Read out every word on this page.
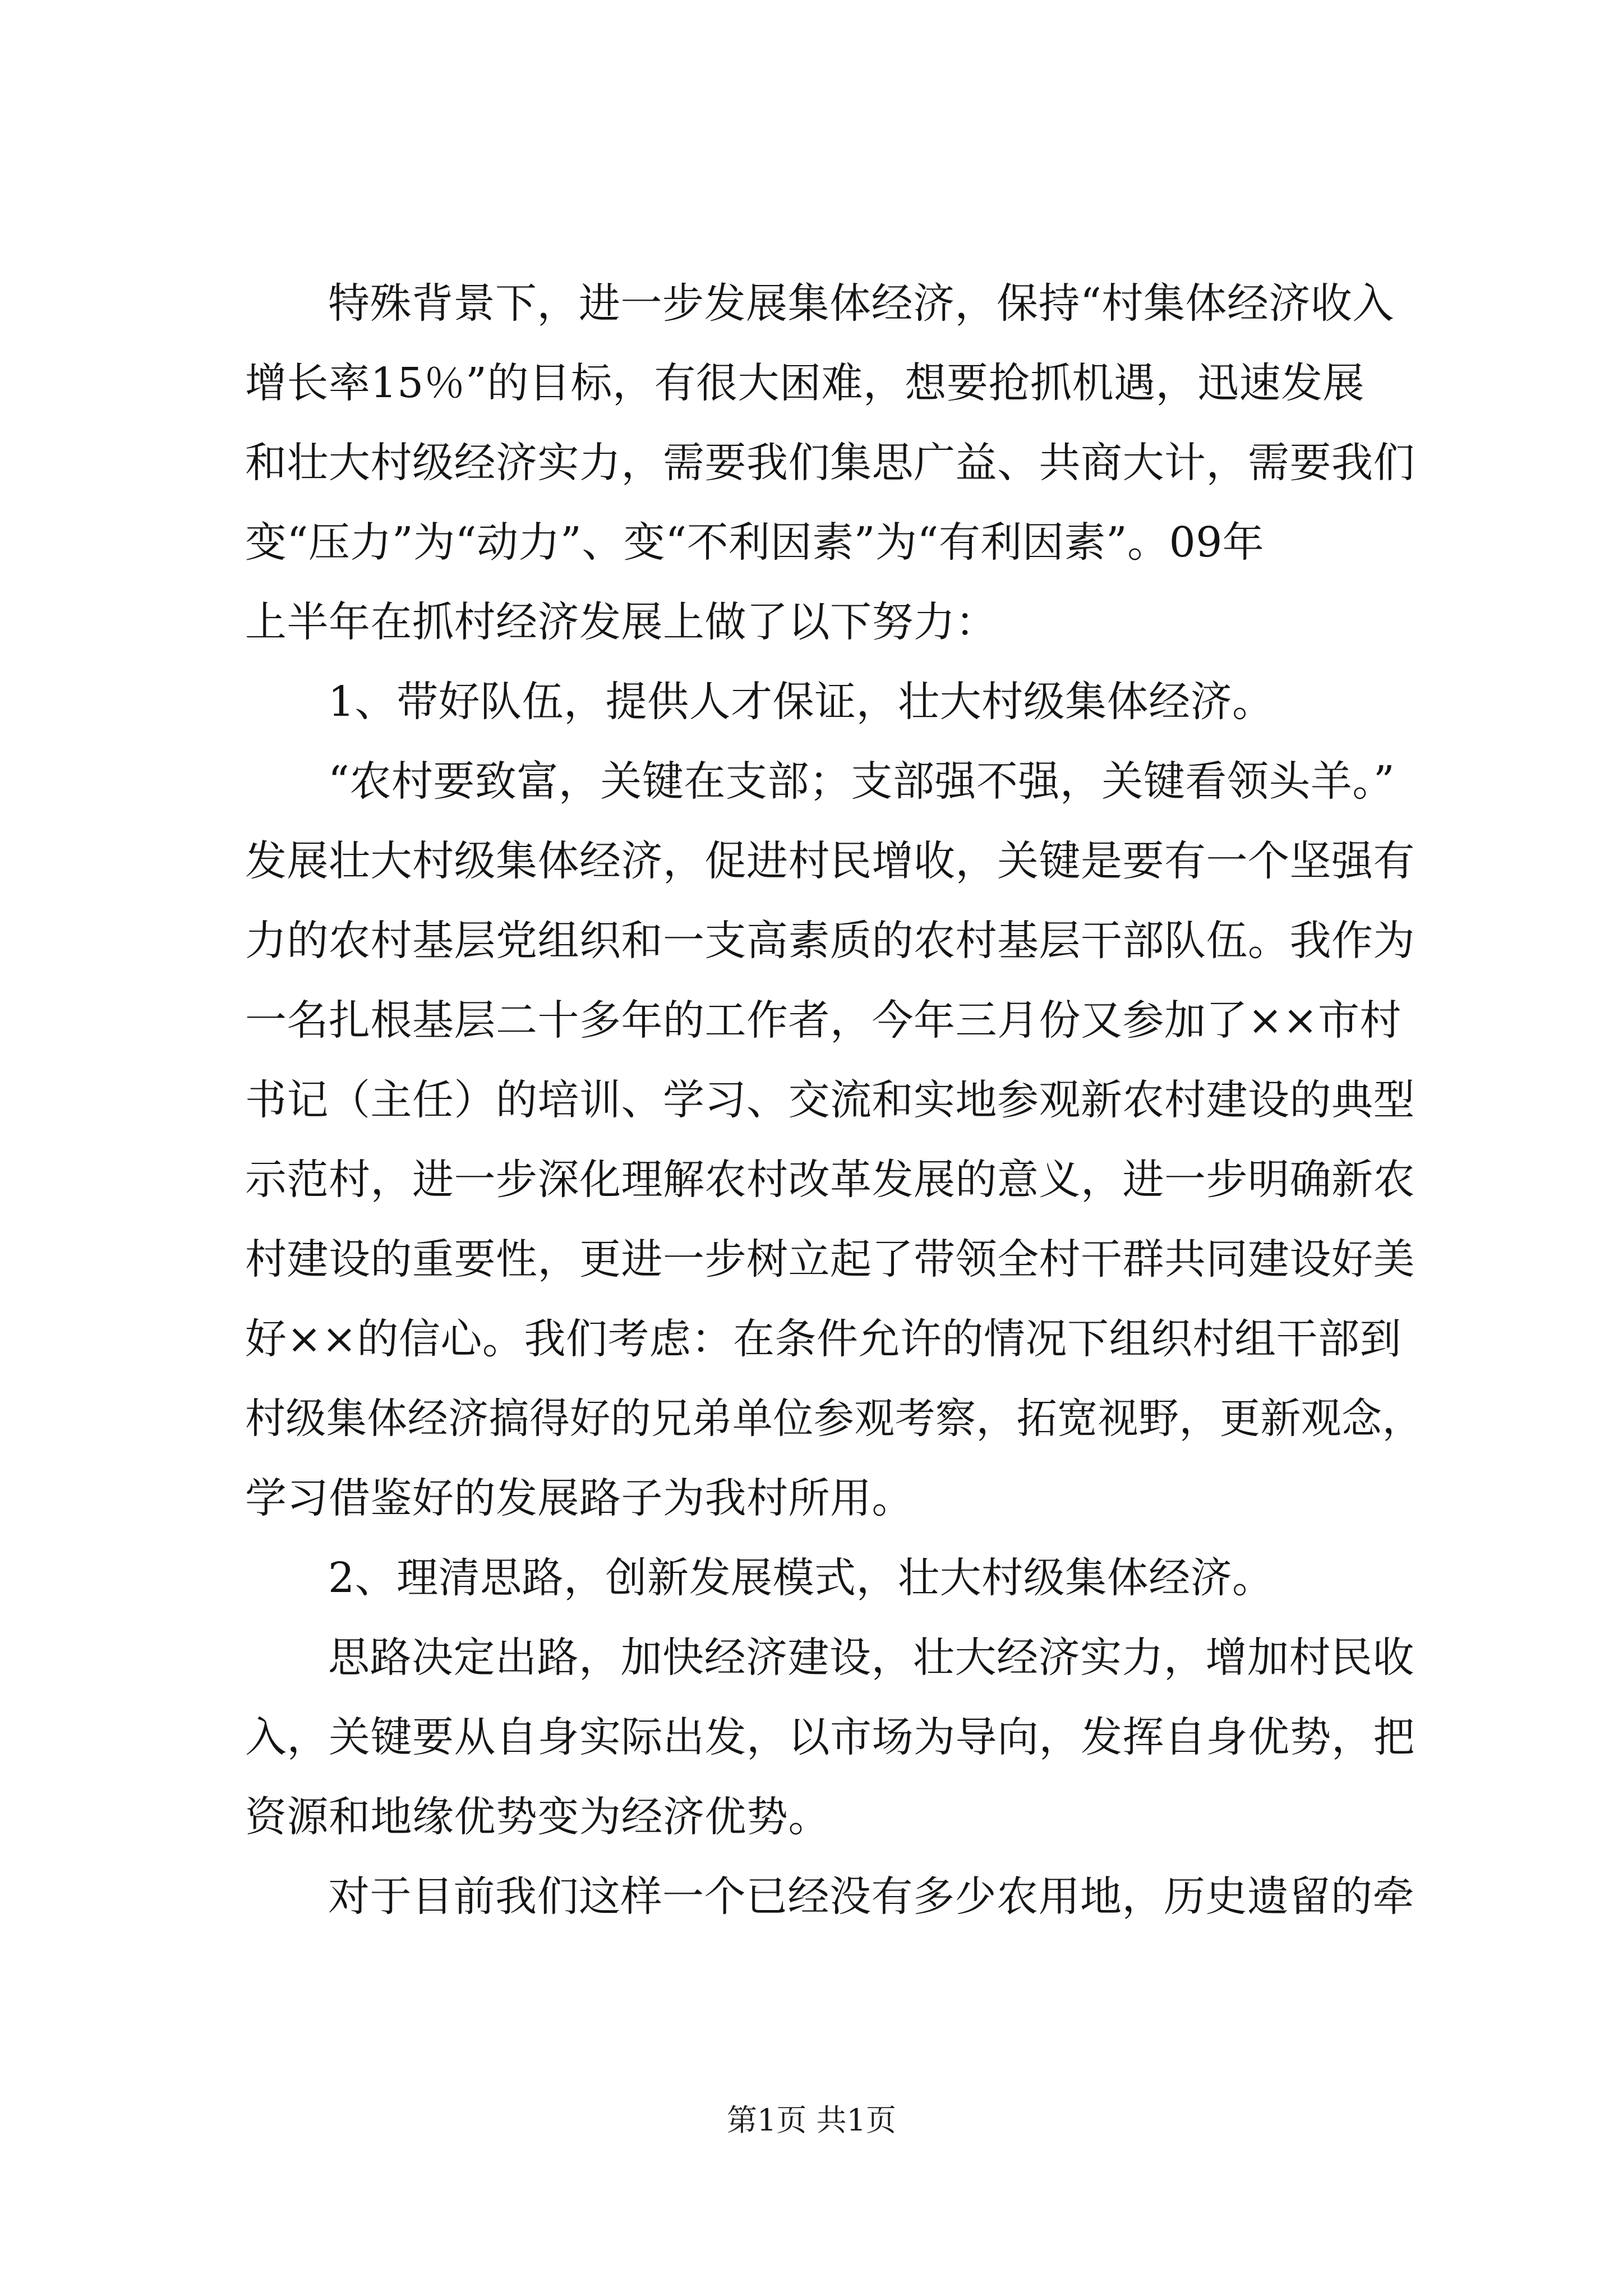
特殊背景下，进一步发展集体经济，保持“村集体经济收入
增长率15％”的目标，有很大困难，想要抢抓机遇，迅速发展
和壮大村级经济实力，需要我们集思广益、共商大计，需要我们
变“压力”为“动力”、变“不利因素”为“有利因素”。09年
上半年在抓村经济发展上做了以下努力：
1、带好队伍，提供人才保证，壮大村级集体经济。
“农村要致富，关键在支部；支部强不强，关键看领头羊。”
发展壮大村级集体经济，促进村民增收，关键是要有一个坚强有
力的农村基层党组织和一支高素质的农村基层干部队伍。我作为
一名扎根基层二十多年的工作者，今年三月份又参加了××市村
书记（主任）的培训、学习、交流和实地参观新农村建设的典型
示范村，进一步深化理解农村改革发展的意义，进一步明确新农
村建设的重要性，更进一步树立起了带领全村干群共同建设好美
好××的信心。我们考虑：在条件允许的情况下组织村组干部到
村级集体经济搞得好的兄弟单位参观考察，拓宽视野，更新观念，
学习借鉴好的发展路子为我村所用。
2、理清思路，创新发展模式，壮大村级集体经济。
思路决定出路，加快经济建设，壮大经济实力，增加村民收
入，关键要从自身实际出发，以市场为导向，发挥自身优势，把
资源和地缘优势变为经济优势。
对于目前我们这样一个已经没有多少农用地，历史遗留的牵
第1页 共1页
